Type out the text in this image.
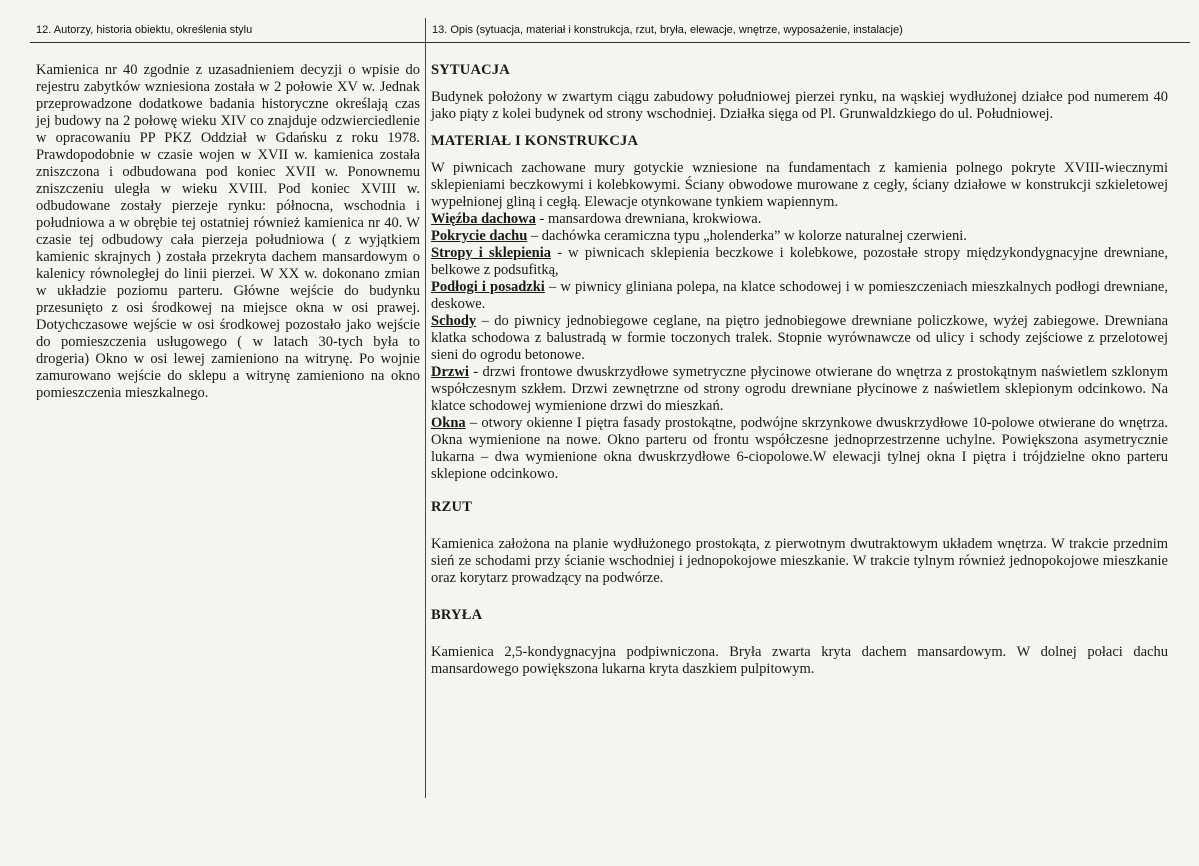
12. Autorzy, historia obiektu, określenia stylu	13. Opis (sytuacja, materiał i konstrukcja, rzut, bryła, elewacje, wnętrze, wyposażenie, instalacje)

Kamienica nr 40 zgodnie z uzasadnieniem decyzji o wpisie do rejestru zabytków wzniesiona została w 2 połowie XV w. Jednak przeprowadzone dodatkowe badania historyczne określają czas jej budowy na 2 połowę wieku XIV co znajduje odzwierciedlenie w opracowaniu PP PKZ Oddział w Gdańsku z roku 1978. Prawdopodobnie w czasie wojen w XVII w. kamienica została zniszczona i odbudowana pod koniec XVII w. Ponownemu zniszczeniu uległa w wieku XVIII. Pod koniec XVIII w. odbudowane zostały pierzeje rynku: północna, wschodnia i południowa a w obrębie tej ostatniej również kamienica nr 40. W czasie tej odbudowy cała pierzeja południowa ( z wyjątkiem kamienic skrajnych ) została przekryta dachem mansardowym o kalenicy równoległej do linii pierzei. W XX w. dokonano zmian w układzie poziomu parteru. Główne wejście do budynku przesunięto z osi środkowej na miejsce okna w osi prawej. Dotychczasowe wejście w osi środkowej pozostało jako wejście do pomieszczenia usługowego ( w latach 30-tych była to drogeria) Okno w osi lewej zamieniono na witrynę. Po wojnie zamurowano wejście do sklepu a witrynę zamieniono na okno pomieszczenia mieszkalnego.

SYTUACJA

Budynek położony w zwartym ciągu zabudowy południowej pierzei rynku, na wąskiej wydłużonej działce pod numerem 40 jako piąty z kolei budynek od strony wschodniej. Działka sięga od Pl. Grunwaldzkiego do ul. Południowej.

MATERIAŁ I KONSTRUKCJA

W piwnicach zachowane mury gotyckie wzniesione na fundamentach z kamienia polnego pokryte XVIII-wiecznymi sklepieniami beczkowymi i kolebkowymi. Ściany obwodowe murowane z cegły, ściany działowe w konstrukcji szkieletowej wypełnionej gliną i cegłą. Elewacje otynkowane tynkiem wapiennym.

Więźba dachowa - mansardowa drewniana, krokwiowa.

Pokrycie dachu – dachówka ceramiczna typu „holenderka” w kolorze naturalnej czerwieni.

Stropy i sklepienia - w piwnicach sklepienia beczkowe i kolebkowe, pozostałe stropy międzykondygnacyjne drewniane, belkowe z podsufitką,

Podłogi i posadzki – w piwnicy gliniana polepa, na klatce schodowej i w pomieszczeniach mieszkalnych podłogi drewniane, deskowe.

Schody – do piwnicy jednobiegowe ceglane, na piętro jednobiegowe drewniane policzkowe, wyżej zabiegowe. Drewniana klatka schodowa z balustradą w formie toczonych tralek. Stopnie wyrównawcze od ulicy i schody zejściowe z przelotowej sieni do ogrodu betonowe.

Drzwi - drzwi frontowe dwuskrzydłowe symetryczne płycinowe otwierane do wnętrza z prostokątnym naświetlem szklonym współczesnym szkłem. Drzwi zewnętrzne od strony ogrodu drewniane płycinowe z naświetlem sklepionym odcinkowo. Na klatce schodowej wymienione drzwi do mieszkań.

Okna – otwory okienne I piętra fasady prostokątne, podwójne skrzynkowe dwuskrzydłowe 10-polowe otwierane do wnętrza. Okna wymienione na nowe. Okno parteru od frontu współczesne jednoprzestrzenne uchylne. Powiększona asymetrycznie lukarna – dwa wymienione okna dwuskrzydłowe 6-ciopolowe.W elewacji tylnej okna I piętra i trójdzielne okno parteru sklepione odcinkowo.

RZUT

Kamienica założona na planie wydłużonego prostokąta, z pierwotnym dwutraktowym układem wnętrza. W trakcie przednim sień ze schodami przy ścianie wschodniej i jednopokojowe mieszkanie. W trakcie tylnym również jednopokojowe mieszkanie oraz korytarz prowadzący na podwórze.

BRYŁA

Kamienica 2,5-kondygnacyjna podpiwniczona. Bryła zwarta kryta dachem mansardowym. W dolnej połaci dachu mansardowego powiększona lukarna kryta daszkiem pulpitowym.
